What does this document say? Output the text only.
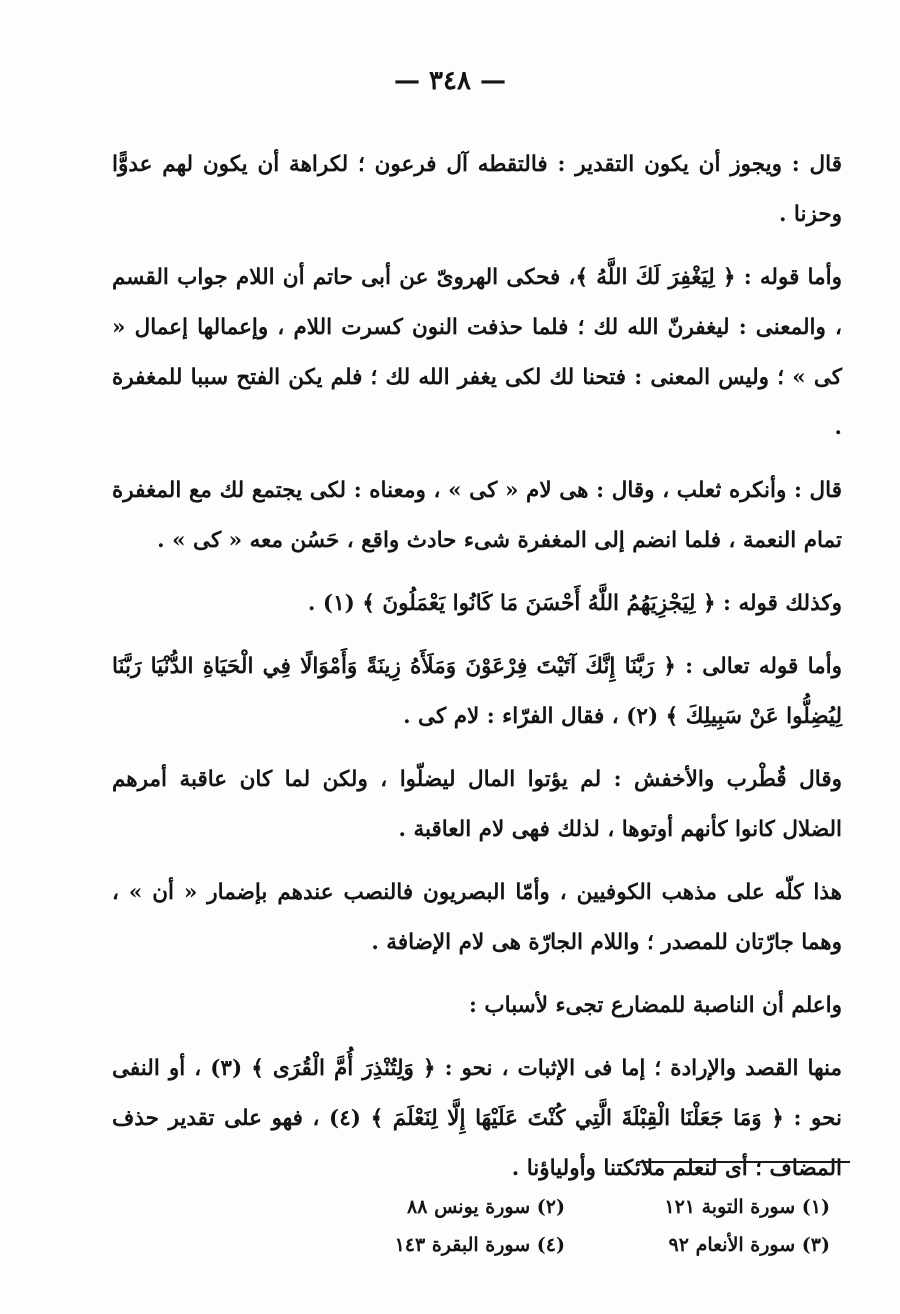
— ٣٤٨ —

قال : ويجوز أن يكون التقدير : فالتقطه آل فرعون ؛ لكراهة أن يكون لهم عدوًّا وحزنا .

وأما قوله : ﴿ لِيَغْفِرَ لَكَ اللَّهُ ﴾، فحكى الهروىّ عن أبى حاتم أن اللام جواب القسم ، والمعنى : ليغفرنّ الله لك ؛ فلما حذفت النون كسرت اللام ، وإعمالها إعمال « كى » ؛ وليس المعنى : فتحنا لك لكى يغفر الله لك ؛ فلم يكن الفتح سببا للمغفرة .

قال : وأنكره ثعلب ، وقال : هى لام « كى » ، ومعناه : لكى يجتمع لك مع المغفرة تمام النعمة ، فلما انضم إلى المغفرة شىء حادث واقع ، حَسُن معه « كى » .

وكذلك قوله : ﴿ لِيَجْزِيَهُمُ اللَّهُ أَحْسَنَ مَا كَانُوا يَعْمَلُونَ ﴾ (١) .

وأما قوله تعالى : ﴿ رَبَّنَا إِنَّكَ آتَيْتَ فِرْعَوْنَ وَمَلَأَهُ زِينَةً وَأَمْوَالًا فِي الْحَيَاةِ الدُّنْيَا رَبَّنَا لِيُضِلُّوا عَنْ سَبِيلِكَ ﴾ (٢) ، فقال الفرّاء : لام كى .

وقال قُطْرب والأخفش : لم يؤتوا المال ليضلّوا ، ولكن لما كان عاقبة أمرهم الضلال كانوا كأنهم أوتوها ، لذلك فهى لام العاقبة .

هذا كلّه على مذهب الكوفيين ، وأمّا البصريون فالنصب عندهم بإضمار « أن » ، وهما جارّتان للمصدر ؛ واللام الجارّة هى لام الإضافة .

واعلم أن الناصبة للمضارع تجىء لأسباب :

منها القصد والإرادة ؛ إما فى الإثبات ، نحو : ﴿ وَلِتُنْذِرَ أُمَّ الْقُرَى ﴾ (٣) ، أو النفى نحو : ﴿ وَمَا جَعَلْنَا الْقِبْلَةَ الَّتِي كُنْتَ عَلَيْهَا إِلَّا لِنَعْلَمَ ﴾ (٤) ، فهو على تقدير حذف المضاف ؛ أى لنعلم ملائكتنا وأولياؤنا .

(١) سورة التوبة ١٢١
(٢) سورة يونس ٨٨
(٣) سورة الأنعام ٩٢
(٤) سورة البقرة ١٤٣
